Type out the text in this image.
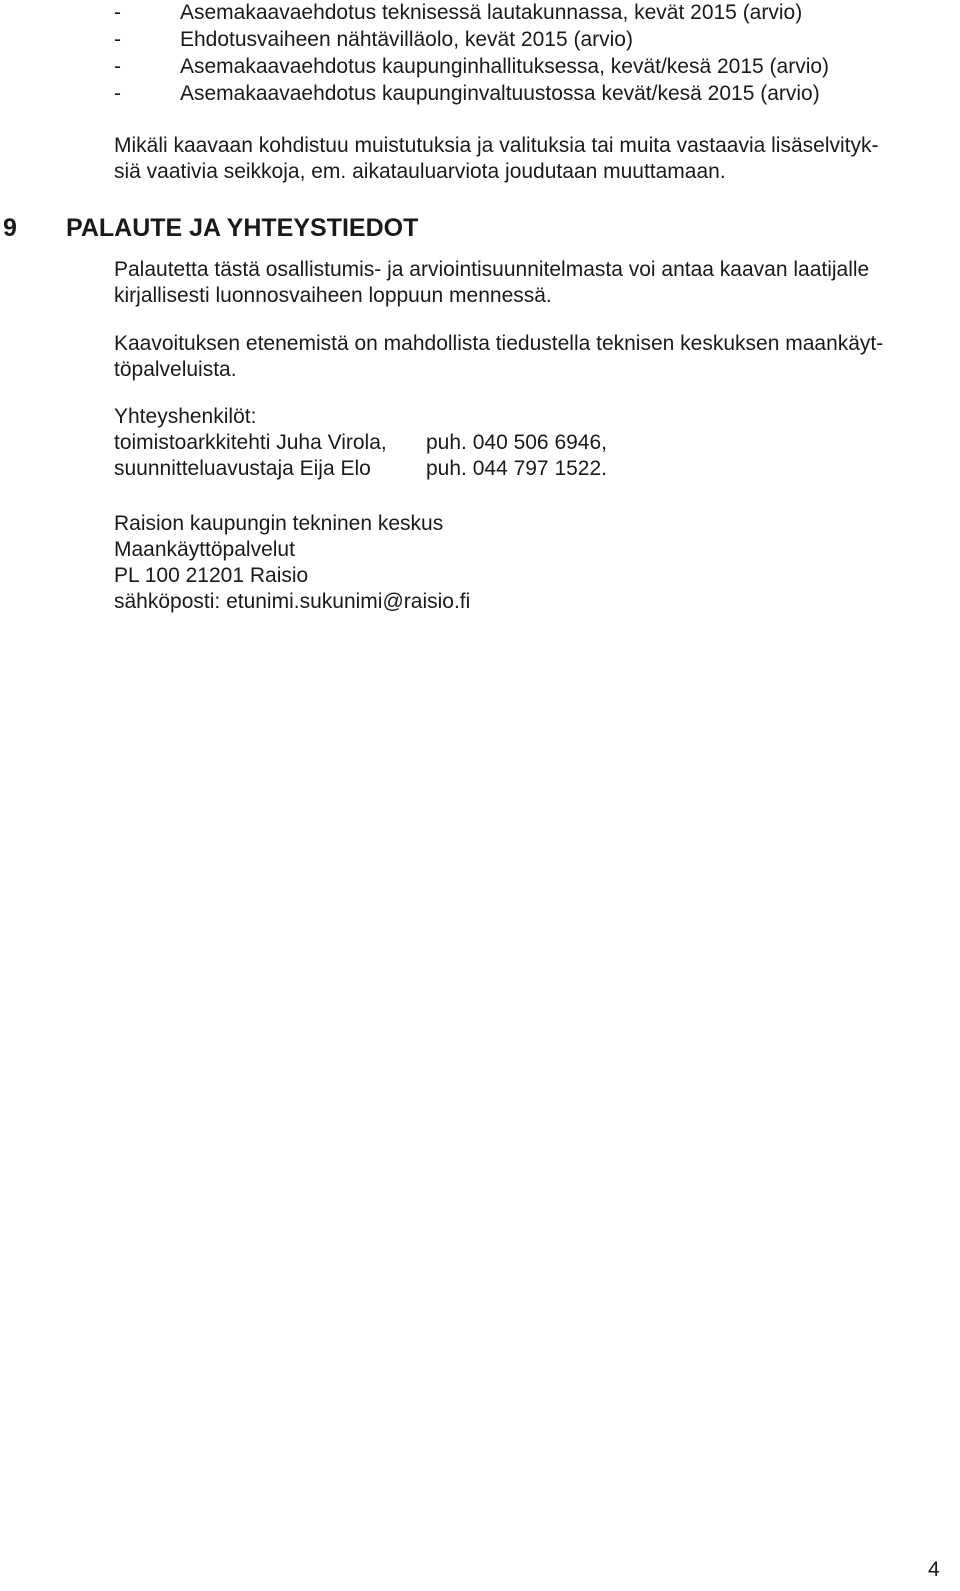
-	Asemakaavaehdotus teknisessä lautakunnassa, kevät 2015 (arvio)
-	Ehdotusvaiheen nähtävilläolo, kevät 2015 (arvio)
-	Asemakaavaehdotus kaupunginhallituksessa, kevät/kesä 2015 (arvio)
-	Asemakaavaehdotus kaupunginvaltuustossa kevät/kesä 2015 (arvio)

Mikäli kaavaan kohdistuu muistutuksia ja valituksia tai muita vastaavia lisäselvityk-
siä vaativia seikkoja, em. aikatauluarviota joudutaan muuttamaan.

9 PALAUTE JA YHTEYSTIEDOT

Palautetta tästä osallistumis- ja arviointisuunnitelmasta voi antaa kaavan laatijalle
kirjallisesti luonnosvaiheen loppuun mennessä.

Kaavoituksen etenemistä on mahdollista tiedustella teknisen keskuksen maankäyt-
töpalveluista.

Yhteyshenkilöt:
toimistoarkkitehti Juha Virola, puh. 040 506 6946,
suunnitteluavustaja Eija Elo	puh. 044 797 1522.
Raision kaupungin tekninen keskus
Maankäyttöpalvelut
PL 100 21201 Raisio
sähköposti: etunimi.sukunimi@raisio.fi
4
